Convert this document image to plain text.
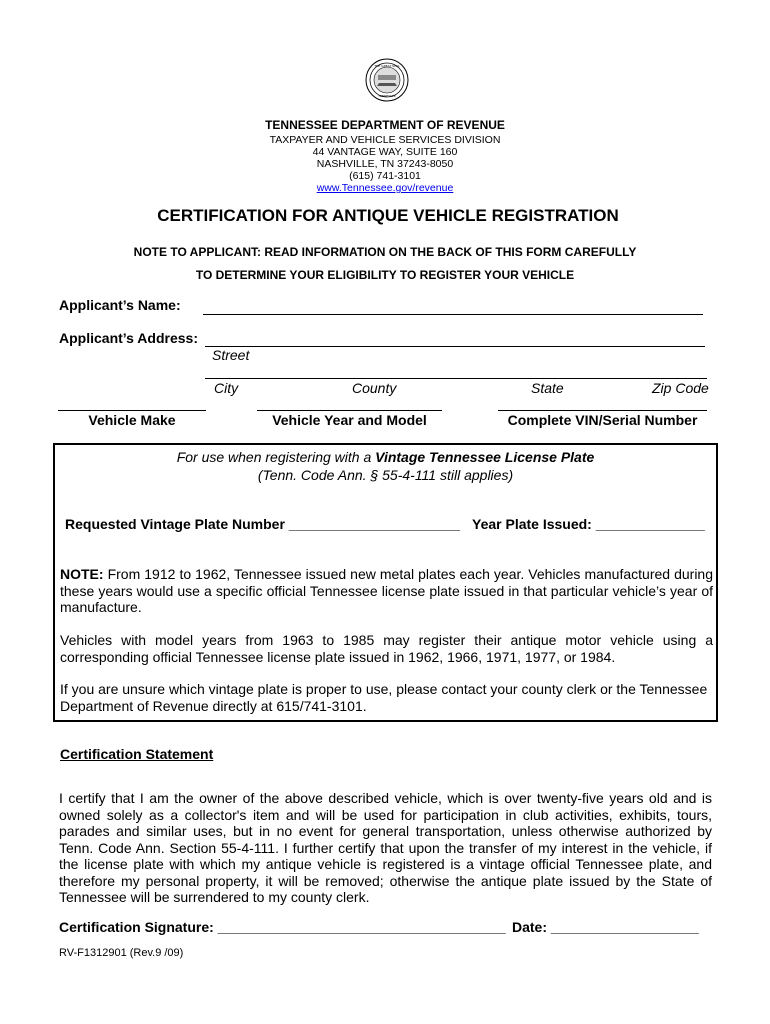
THE GREAT SEAL
TENNESSEE
TENNESSEE DEPARTMENT OF REVENUE
TAXPAYER AND VEHICLE SERVICES DIVISION
44 VANTAGE WAY, SUITE 160
NASHVILLE, TN 37243-8050
(615) 741-3101
www.Tennessee.gov/revenue
CERTIFICATION FOR ANTIQUE VEHICLE REGISTRATION
NOTE TO APPLICANT: READ INFORMATION ON THE BACK OF THIS FORM CAREFULLY
TO DETERMINE YOUR ELIGIBILITY TO REGISTER YOUR VEHICLE
Applicant’s Name:
Applicant’s Address:
Street
City	County	State	Zip Code
Vehicle Make	Vehicle Year and Model	Complete VIN/Serial Number
For use when registering with a Vintage Tennessee License Plate
(Tenn. Code Ann. § 55-4-111 still applies)
Requested Vintage Plate Number ______________________ Year Plate Issued: ______________
NOTE: From 1912 to 1962, Tennessee issued new metal plates each year. Vehicles manufactured during these years would use a specific official Tennessee license plate issued in that particular vehicle’s year of manufacture.
Vehicles with model years from 1963 to 1985 may register their antique motor vehicle using a corresponding official Tennessee license plate issued in 1962, 1966, 1971, 1977, or 1984.
If you are unsure which vintage plate is proper to use, please contact your county clerk or the Tennessee Department of Revenue directly at 615/741-3101.
Certification Statement
I certify that I am the owner of the above described vehicle, which is over twenty-five years old and is owned solely as a collector's item and will be used for participation in club activities, exhibits, tours, parades and similar uses, but in no event for general transportation, unless otherwise authorized by Tenn. Code Ann. Section 55-4-111. I further certify that upon the transfer of my interest in the vehicle, if the license plate with which my antique vehicle is registered is a vintage official Tennessee plate, and therefore my personal property, it will be removed; otherwise the antique plate issued by the State of Tennessee will be surrendered to my county clerk.
Certification Signature: _____________________________________ Date: ___________________
RV-F1312901 (Rev.9 /09)
